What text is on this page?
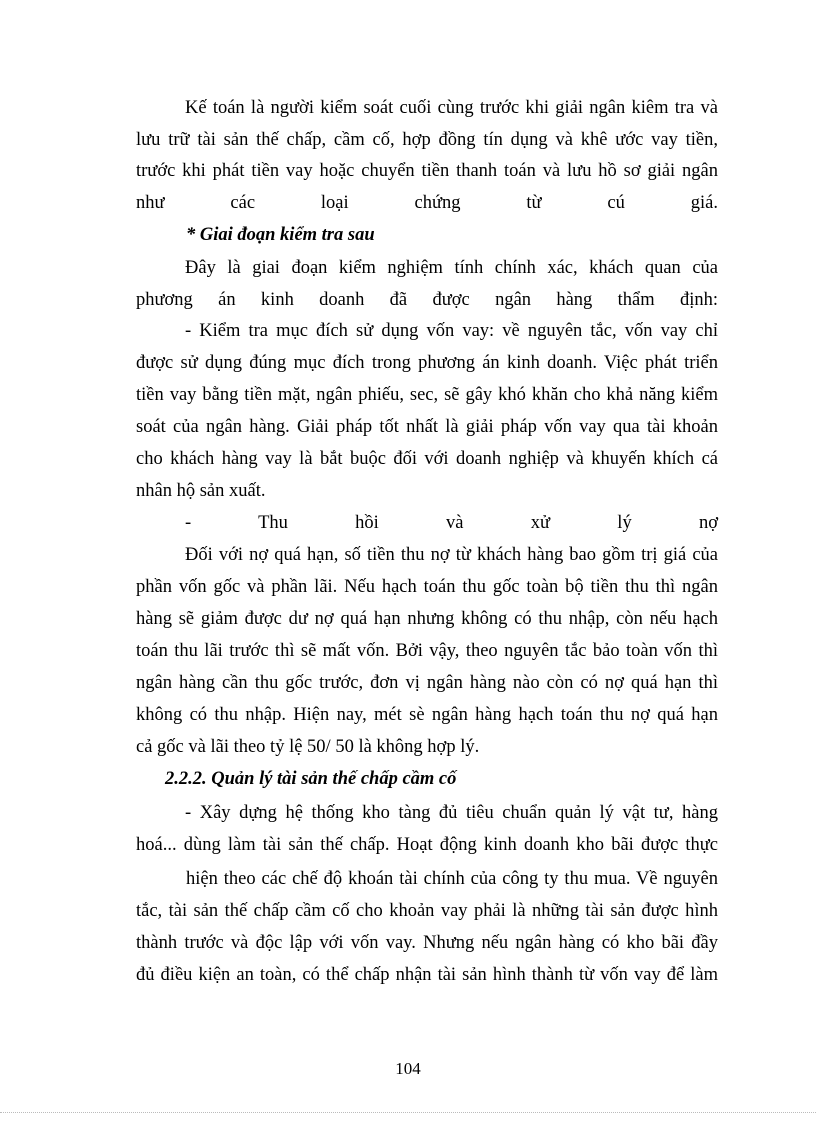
Kế toán là người kiểm soát cuối cùng trước khi giải ngân kiêm tra và
lưu trữ tài sản thế chấp, cầm cố, hợp đồng tín dụng và khê ước vay tiền,
trước khi phát tiền vay hoặc chuyển tiền thanh toán và lưu hồ sơ giải ngân
như các loại chứng từ cú giá.
* Giai đoạn kiểm tra sau
Đây là giai đoạn kiểm nghiệm tính chính xác, khách quan của
phương án kinh doanh đã được ngân hàng thẩm định:
- Kiểm tra mục đích sử dụng vốn vay: về nguyên tắc, vốn vay chỉ
được sử dụng đúng mục đích trong phương án kinh doanh. Việc phát triển
tiền vay bằng tiền mặt, ngân phiếu, sec, sẽ gây khó khăn cho khả năng kiểm
soát của ngân hàng. Giải pháp tốt nhất là giải pháp vốn vay qua tài khoản
cho khách hàng vay là bắt buộc đối với doanh nghiệp và khuyến khích cá
nhân hộ sản xuất.
- Thu hồi và xử lý nợ
Đối với nợ quá hạn, số tiền thu nợ từ khách hàng bao gồm trị giá của
phần vốn gốc và phần lãi. Nếu hạch toán thu gốc toàn bộ tiền thu thì ngân
hàng sẽ giảm được dư nợ quá hạn nhưng không có thu nhập, còn nếu hạch
toán thu lãi trước thì sẽ mất vốn. Bởi vậy, theo nguyên tắc bảo toàn vốn thì
ngân hàng cần thu gốc trước, đơn vị ngân hàng nào còn có nợ quá hạn thì
không có thu nhập. Hiện nay, mét sè ngân hàng hạch toán thu nợ quá hạn
cả gốc và lãi theo tỷ lệ 50/ 50 là không hợp lý.
2.2.2. Quản lý tài sản thế chấp cầm cố
- Xây dựng hệ thống kho tàng đủ tiêu chuẩn quản lý vật tư, hàng
hoá... dùng làm tài sản thế chấp. Hoạt động kinh doanh kho bãi được thực
hiện theo các chế độ khoán tài chính của công ty thu mua. Về nguyên
tắc, tài sản thế chấp cầm cố cho khoản vay phải là những tài sản được hình
thành trước và độc lập với vốn vay. Nhưng nếu ngân hàng có kho bãi đầy
đủ điều kiện an toàn, có thể chấp nhận tài sản hình thành từ vốn vay để làm
104
